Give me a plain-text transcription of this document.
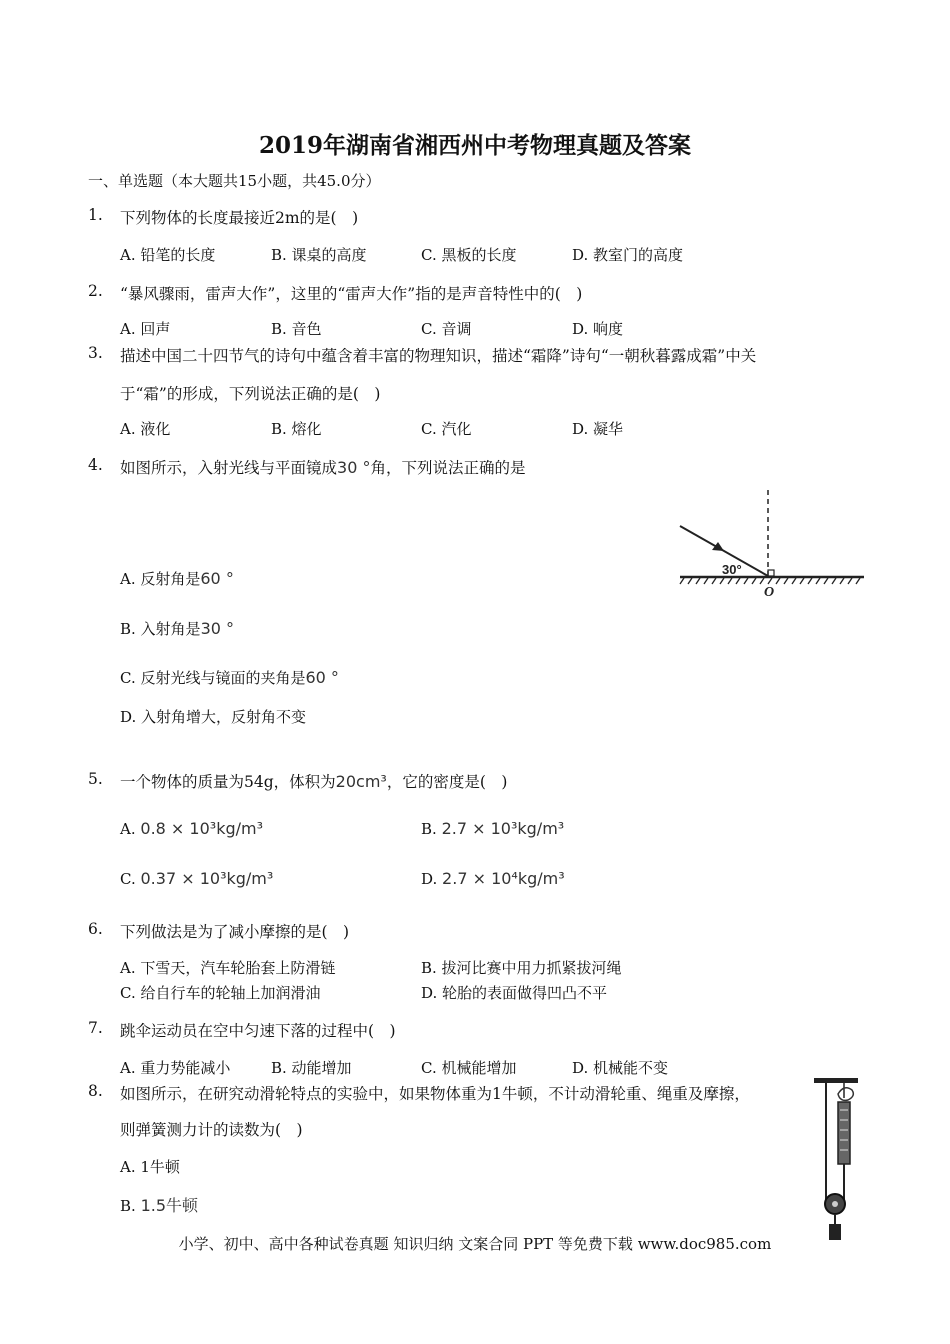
2019年湖南省湘西州中考物理真题及答案
一、单选题（本大题共15小题，共45.0分）
1. 下列物体的长度最接近2m的是(　)
A. 铅笔的长度	B. 课桌的高度	C. 黑板的长度	D. 教室门的高度
2. “暴风骤雨，雷声大作”，这里的“雷声大作”指的是声音特性中的(　)
A. 回声	B. 音色	C. 音调	D. 响度
3. 描述中国二十四节气的诗句中蕴含着丰富的物理知识，描述“霜降”诗句“一朝秋暮露成霜”中关
于“霜”的形成，下列说法正确的是(　)
A. 液化	B. 熔化	C. 汽化	D. 凝华
4. 如图所示，入射光线与平面镜成30 °角，下列说法正确的是
A. 反射角是60 °
B. 入射角是30 °
C. 反射光线与镜面的夹角是60 °
D. 入射角增大，反射角不变
30°
O
5. 一个物体的质量为54g，体积为20cm³，它的密度是(　)
A. 0.8 × 10³kg/m³	B. 2.7 × 10³kg/m³
C. 0.37 × 10³kg/m³	D. 2.7 × 10⁴kg/m³
6. 下列做法是为了减小摩擦的是(　)
A. 下雪天，汽车轮胎套上防滑链	B. 拔河比赛中用力抓紧拔河绳
C. 给自行车的轮轴上加润滑油	D. 轮胎的表面做得凹凸不平
7. 跳伞运动员在空中匀速下落的过程中(　)
A. 重力势能减小	B. 动能增加	C. 机械能增加	D. 机械能不变
8. 如图所示，在研究动滑轮特点的实验中，如果物体重为1牛顿，不计动滑轮重、绳重及摩擦，
则弹簧测力计的读数为(　)
A. 1牛顿
B. 1.5牛顿
小学、初中、高中各种试卷真题 知识归纳 文案合同 PPT 等免费下载 www.doc985.com
